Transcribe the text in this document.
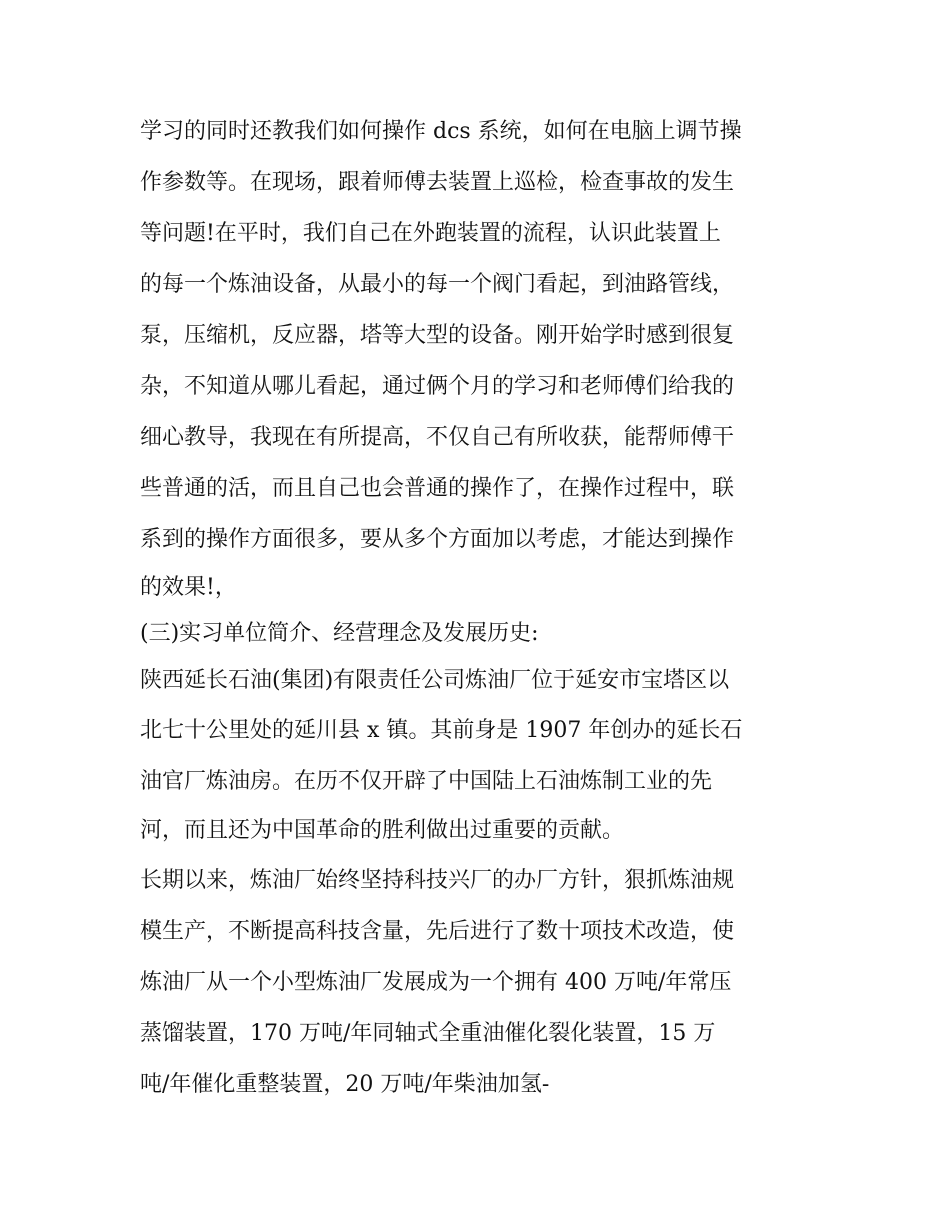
学习的同时还教我们如何操作 dcs 系统，如何在电脑上调节操
作参数等。在现场，跟着师傅去装置上巡检，检查事故的发生
等问题!在平时，我们自己在外跑装置的流程，认识此装置上
的每一个炼油设备，从最小的每一个阀门看起，到油路管线，
泵，压缩机，反应器，塔等大型的设备。刚开始学时感到很复
杂，不知道从哪儿看起，通过俩个月的学习和老师傅们给我的
细心教导，我现在有所提高，不仅自己有所收获，能帮师傅干
些普通的活，而且自己也会普通的操作了，在操作过程中，联
系到的操作方面很多，要从多个方面加以考虑，才能达到操作
的效果!，
(三)实习单位简介、经营理念及发展历史:
陕西延长石油(集团)有限责任公司炼油厂位于延安市宝塔区以
北七十公里处的延川县 x 镇。其前身是 1907 年创办的延长石
油官厂炼油房。在历不仅开辟了中国陆上石油炼制工业的先
河，而且还为中国革命的胜利做出过重要的贡献。
长期以来，炼油厂始终坚持科技兴厂的办厂方针，狠抓炼油规
模生产，不断提高科技含量，先后进行了数十项技术改造，使
炼油厂从一个小型炼油厂发展成为一个拥有 400 万吨/年常压
蒸馏装置，170 万吨/年同轴式全重油催化裂化装置，15 万
吨/年催化重整装置，20 万吨/年柴油加氢-
